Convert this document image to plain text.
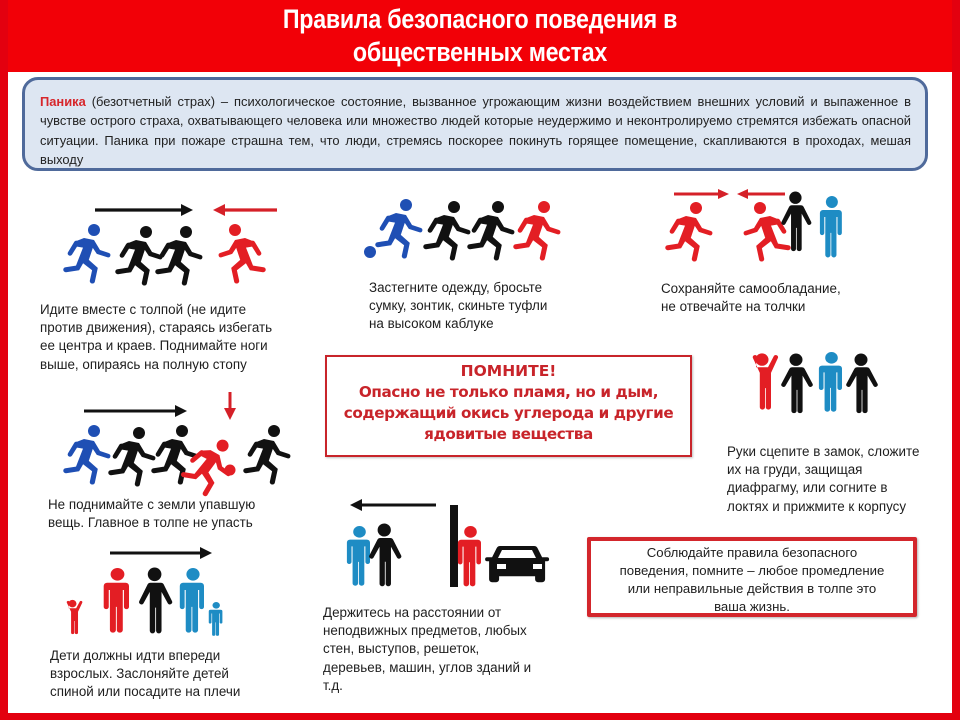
Правила безопасного поведения в
общественных местах
Паника (безотчетный страх) – психологическое состояние, вызванное угрожающим жизни воздействием внешних условий и выпаженное в чувстве острого страха, охватывающего человека или множество людей которые неудержимо и неконтролируемо стремятся избежать опасной ситуации. Паника при пожаре страшна тем, что люди, стремясь поскорее покинуть горящее помещение, скапливаются в проходах, мешая выходу
Идите вместе с толпой (не идите
против движения), стараясь избегать
ее центра и краев. Поднимайте ноги
выше, опираясь на полную стопу
Застегните одежду, бросьте
сумку, зонтик, скиньте туфли
на высоком каблуке
Сохраняйте самообладание,
не отвечайте на толчки
ПОМНИТЕ!
Опасно не только пламя, но и дым,
содержащий окись углерода и другие
ядовитые вещества
Руки сцепите в замок, сложите
их на груди, защищая
диафрагму, или согните в
локтях и прижмите к корпусу
Не поднимайте с земли упавшую
вещь. Главное в толпе не упасть
Дети должны идти впереди
взрослых. Заслоняйте детей
спиной или посадите на плечи
Держитесь на расстоянии от
неподвижных предметов, любых
стен, выступов, решеток,
деревьев, машин, углов зданий и
т.д.
Соблюдайте правила безопасного
поведения, помните – любое промедление
или неправильные действия в толпе это
ваша жизнь.
